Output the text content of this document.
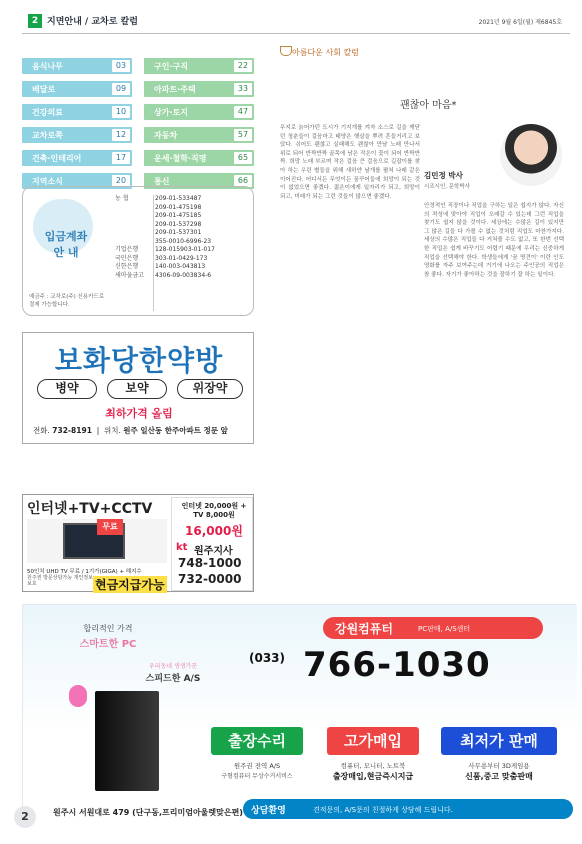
2 지면안내 / 교차로 칼럼	2021년 9월 6일(월) 제6845호
음식나무	03
배달로	09
건강의료	10
교차로쪽	12
건축·인테리어	17
지역소식	20
구인·구직	22
아파트·주택	33
상가·토지	47
자동차	57
운세·철학·직명	65
통신	66
입금계좌
안 내
예금주 : 교차로(주) 신용카드로 결제 가능합니다.
농 협	209-01-533487
209-01-475198
209-01-475185
209-01-537298
209-01-537301
355-0010-6996-23
기업은행	128-015903-01-017
국민은행	303-01-0429-173
신한은행	140-003-043813
새마을금고	4306-09-003834-6
보화당한약방
병약	보약	위장약
최하가격 올림
전화. 732-8191  |  위치. 원주 일산동 한주아파트 정문 앞
인터넷+TV+CCTV
무료
50인치 UHD TV 무료 / 1기가(GIGA) + 해지수
원주권 방문상담가능 개인정보보호	현금지급가능
인터넷 20,000원 + TV 8,000원
16,000원
kt 원주지사
748-1000
732-0000
아름다운 사회 칼럼
괜찮아 마음*
김민정 박사
시조시인, 문학박사
무지로 늙어가던 도시가 기지개를 켜자 소스로 길을 깨닫던 청춘들이 걸음마고 태양은 햇살을 뿌려 흔들거리고 보았다. 쉬어도 괜찮고 실패해도 괜찮아 만남 노래 만나서 위로 되어 반짝반짝 골목에 남은 작은이 꽃이 되어 반짝반짝. 희망 노래 부르며 작은 걸음 큰 걸음으로 길잡이를 찾아 하는 우린 별들을 위해 새하얀 날개를 펼쳐 나래 같은 이어진다. 어디서든 무엇이든 꿈꾸어들에 희망이 되는 것이 없었으면 좋겠다. 젊은이에게 일자리가 되고, 희망이 되고, 미래가 되는 그런 것들이 많으면 좋겠다.
안정적인 직장이나 직업을 구하는 일은 쉽지가 않다. 자신의 적성에 맞아야 직업이 오래갈 수 있는데 그런 직업을 찾기도 쉽지 않을 것이다. 세상에는 수많은 길이 있지만 그 많은 길들 다 가볼 수 없는 것처럼 직업도 마찬가지다. 세상의 수많은 직업들 다 거쳐볼 수도 없고, 또 한번 선택한 직업은 쉽게 바꾸기도 어렵기 때문에 우리는 신중하게 직업을 선택해야 한다. 학생들에게 '꿈 명견이' 이란 인도 영화를 자주 보여주는데 거기에 나오는 주인공의 직업은 참 좋다. 자기가 좋아하는 것을 잘하기 잘 하는 일이다.
합리적인 가격
스마트한 PC
우리동네 생생가꾼
스피드한 A/S
강원컴퓨터	PC판매, A/S센터
(033) 766-1030
출장수리
원주권 전역 A/S
구형컴퓨터 무상수거서비스
고가매입
컴퓨터, 모니터, 노트북
출장매입,현금즉시지급
최저가 판매
사무용부터 3D게임용
신품,중고 맞춤판매
상담환영	견적문의, A/S문의 친절하게 상담해 드립니다.
원주시 서원대로 479 (단구동,프리미엄아울렛맞은편)
2
